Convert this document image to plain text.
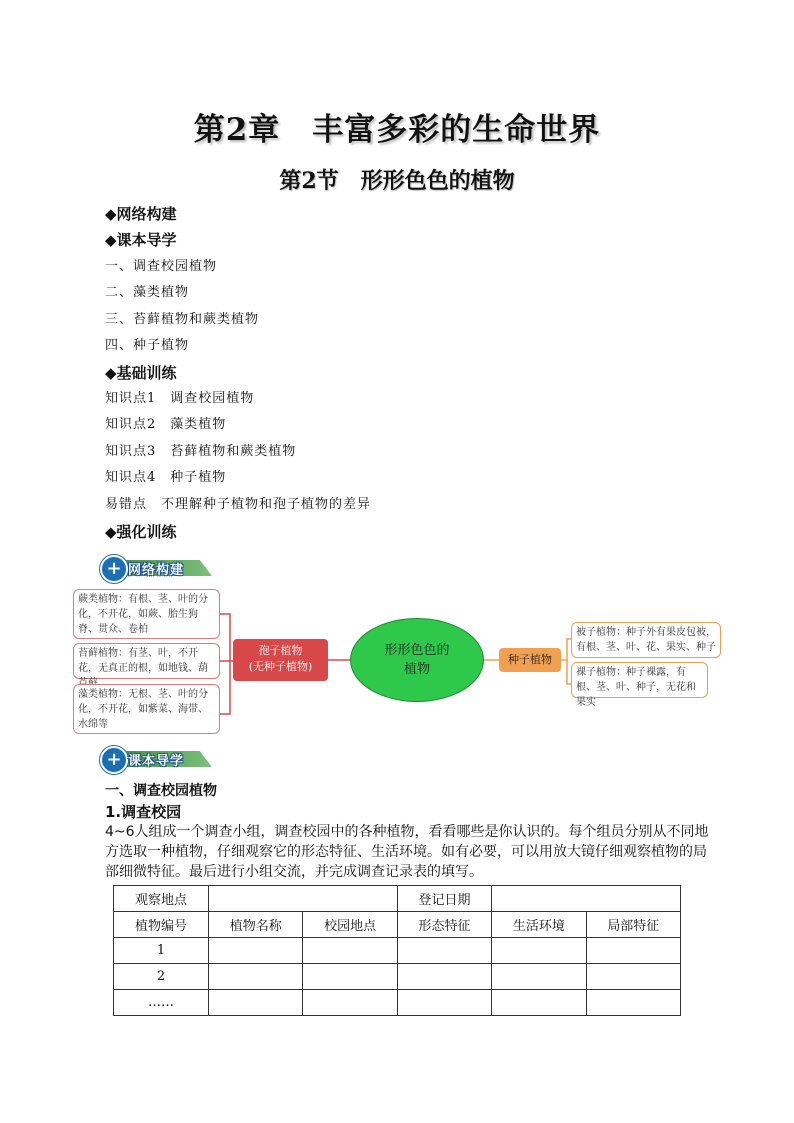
第2章　丰富多彩的生命世界
第2节　形形色色的植物
◆网络构建
◆课本导学
一、调查校园植物
二、藻类植物
三、苔藓植物和蕨类植物
四、种子植物
◆基础训练
知识点1 调查校园植物
知识点2 藻类植物
知识点3 苔藓植物和蕨类植物
知识点4 种子植物
易错点 不理解种子植物和孢子植物的差异
◆强化训练
+ 网络构建
蕨类植物：有根、茎、叶的分化，不开花，如蕨、胎生狗脊、贯众、卷柏
苔藓植物：有茎、叶，不开花，无真正的根，如地钱、葫
藻类植物：无根、茎、叶的分化，不开花，如紫菜、海带、水绵等
孢子植物
(无种子植物)
形形色色的
植物
种子植物
被子植物：种子外有果皮包被，有根、茎、叶、花、果实、种子
裸子植物：种子裸露，有根、茎、叶、种子，无花和果实
+ 课本导学
一、调查校园植物
1.调查校园
4~6人组成一个调查小组，调查校园中的各种植物，看看哪些是你认识的。每个组员分别从不同地方选取一种植物，仔细观察它的形态特征、生活环境。如有必要，可以用放大镜仔细观察植物的局部细微特征。最后进行小组交流，并完成调查记录表的填写。
观察地点			登记日期		
植物编号	植物名称	校园地点	形态特征	生活环境	局部特征
1					
2					
……					
